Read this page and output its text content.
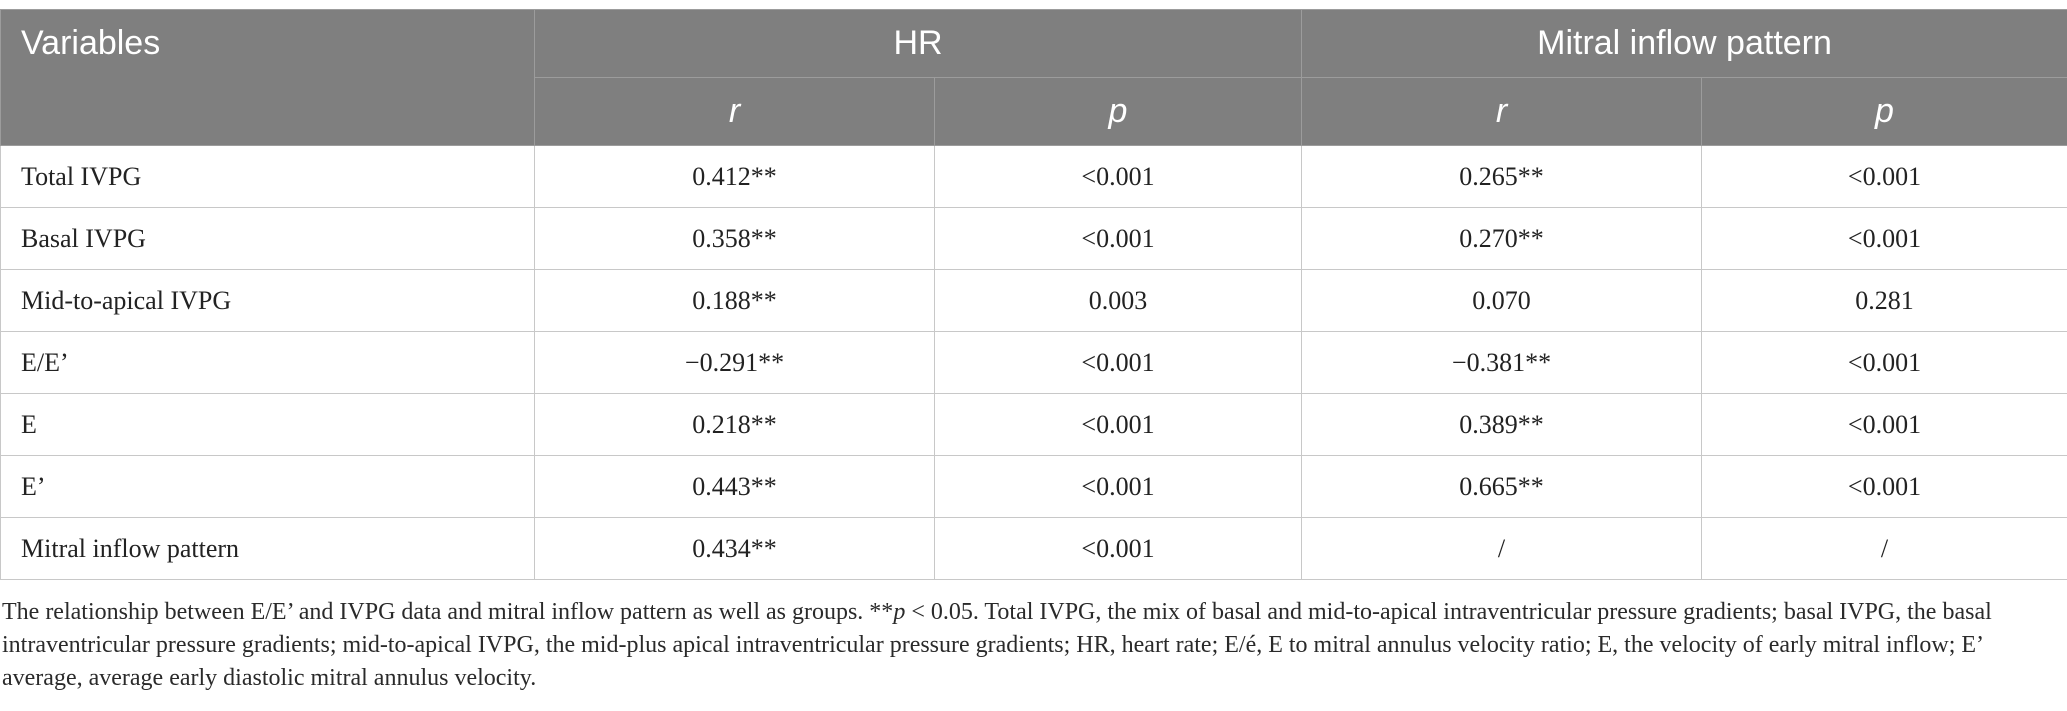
Variables	HR		Mitral inflow pattern	
	r	p	r	p
Total IVPG	0.412**	<0.001	0.265**	<0.001
Basal IVPG	0.358**	<0.001	0.270**	<0.001
Mid-to-apical IVPG	0.188**	0.003	0.070	0.281
E/E’	−0.291**	<0.001	−0.381**	<0.001
E	0.218**	<0.001	0.389**	<0.001
E’	0.443**	<0.001	0.665**	<0.001
Mitral inflow pattern	0.434**	<0.001	/	/

The relationship between E/E’ and IVPG data and mitral inflow pattern as well as groups. **p < 0.05. Total IVPG, the mix of basal and mid-to-apical intraventricular pressure gradients; basal IVPG, the basal intraventricular pressure gradients; mid-to-apical IVPG, the mid-plus apical intraventricular pressure gradients; HR, heart rate; E/é, E to mitral annulus velocity ratio; E, the velocity of early mitral inflow; E’ average, average early diastolic mitral annulus velocity.
